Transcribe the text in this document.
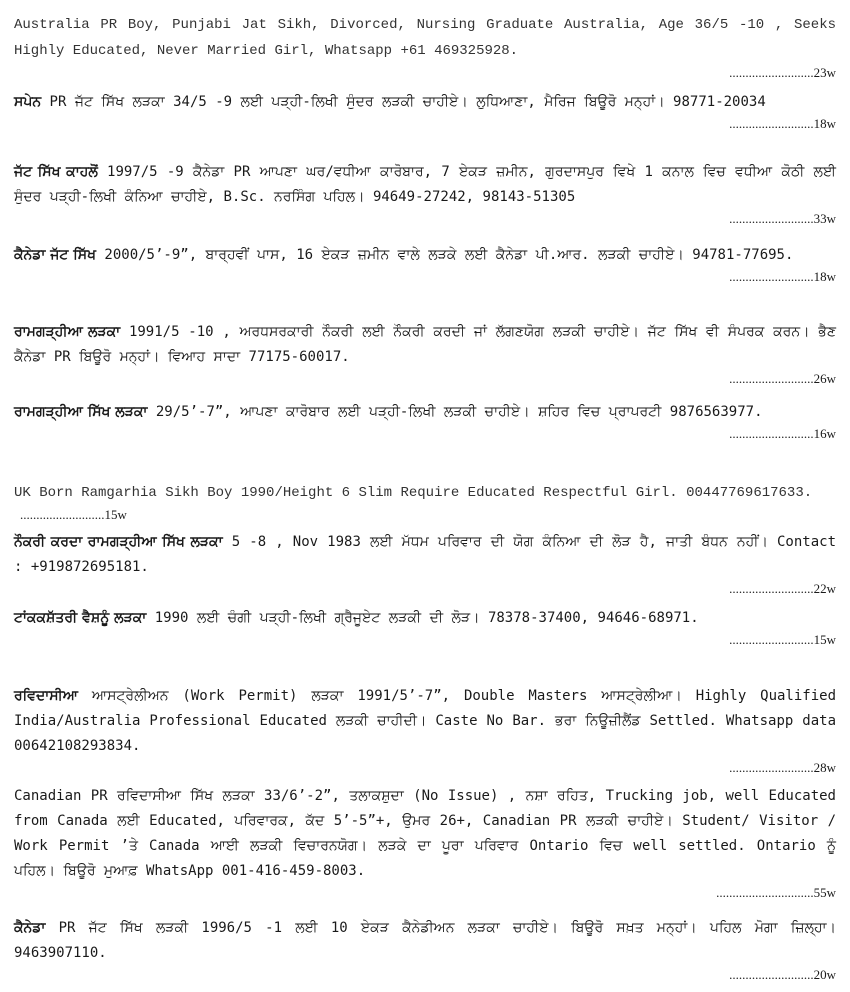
Australia PR Boy, Punjabi Jat Sikh, Divorced, Nursing Graduate Australia, Age 36/5 -10 , Seeks Highly Educated, Never Married Girl, Whatsapp +61 469325928.

..........................23w

ਸਪੇਨ PR ਜੱਟ ਸਿੱਖ ਲੜਕਾ 34/5 -9 ਲਈ ਪੜ੍ਹੀ-ਲਿਖੀ ਸੁੰਦਰ ਲੜਕੀ ਚਾਹੀਏ। ਲੁਧਿਆਣਾ, ਮੈਰਿਜ ਬਿਊਰੋ ਮਨ੍ਹਾਂ। 98771-20034

..........................18w

ਜੱਟ ਸਿੱਖ ਕਾਹਲੋਂ 1997/5 -9 ਕੈਨੇਡਾ PR ਆਪਣਾ ਘਰ/ਵਧੀਆ ਕਾਰੋਬਾਰ, 7 ਏਕੜ ਜ਼ਮੀਨ, ਗੁਰਦਾਸਪੁਰ ਵਿਖੇ 1 ਕਨਾਲ ਵਿਚ ਵਧੀਆ ਕੋਠੀ ਲਈ ਸੁੰਦਰ ਪੜ੍ਹੀ-ਲਿਖੀ ਕੰਨਿਆ ਚਾਹੀਏ, B.Sc. ਨਰਸਿੰਗ ਪਹਿਲ। 94649-27242, 98143-51305

..........................33w

ਕੈਨੇਡਾ ਜੱਟ ਸਿੱਖ 2000/5’-9”, ਬਾਰ੍ਹਵੀਂ ਪਾਸ, 16 ਏਕੜ ਜ਼ਮੀਨ ਵਾਲੇ ਲੜਕੇ ਲਈ ਕੈਨੇਡਾ ਪੀ.ਆਰ. ਲੜਕੀ ਚਾਹੀਏ। 94781-77695.

..........................18w

ਰਾਮਗੜ੍ਹੀਆ ਲੜਕਾ 1991/5 -10 , ਅਰਧਸਰਕਾਰੀ ਨੌਕਰੀ ਲਈ ਨੌਕਰੀ ਕਰਦੀ ਜਾਂ ਲੱਗਣਯੋਗ ਲੜਕੀ ਚਾਹੀਏ। ਜੱਟ ਸਿੱਖ ਵੀ ਸੰਪਰਕ ਕਰਨ। ਭੈਣ ਕੈਨੇਡਾ PR ਬਿਊਰੋ ਮਨ੍ਹਾਂ। ਵਿਆਹ ਸਾਦਾ 77175-60017.

..........................26w

ਰਾਮਗੜ੍ਹੀਆ ਸਿੱਖ ਲੜਕਾ 29/5’-7”, ਆਪਣਾ ਕਾਰੋਬਾਰ ਲਈ ਪੜ੍ਹੀ-ਲਿਖੀ ਲੜਕੀ ਚਾਹੀਏ। ਸ਼ਹਿਰ ਵਿਚ ਪ੍ਰਾਪਰਟੀ 9876563977.

..........................16w

UK Born Ramgarhia Sikh Boy 1990/Height 6 Slim Require Educated Respectful Girl. 00447769617633.

..........................15w

ਨੌਕਰੀ ਕਰਦਾ ਰਾਮਗੜ੍ਹੀਆ ਸਿੱਖ ਲੜਕਾ 5 -8 , Nov 1983 ਲਈ ਮੱਧਮ ਪਰਿਵਾਰ ਦੀ ਯੋਗ ਕੰਨਿਆ ਦੀ ਲੋੜ ਹੈ, ਜਾਤੀ ਬੰਧਨ ਨਹੀਂ। Contact : +919872695181.

..........................22w

ਟਾਂਕਕਸ਼ੱਤਰੀ ਵੈਸ਼ਨੂੰ ਲੜਕਾ 1990 ਲਈ ਚੰਗੀ ਪੜ੍ਹੀ-ਲਿਖੀ ਗ੍ਰੈਜੂਏਟ ਲੜਕੀ ਦੀ ਲੋੜ। 78378-37400, 94646-68971.

..........................15w

ਰਵਿਦਾਸੀਆ ਆਸਟ੍ਰੇਲੀਅਨ (Work Permit) ਲੜਕਾ 1991/5’-7”, Double Masters ਆਸਟ੍ਰੇਲੀਆ। Highly Qualified India/Australia Professional Educated ਲੜਕੀ ਚਾਹੀਦੀ। Caste No Bar. ਭਰਾ ਨਿਊਜ਼ੀਲੈਂਡ Settled. Whatsapp data 00642108293834.

..........................28w

Canadian PR ਰਵਿਦਾਸੀਆ ਸਿੱਖ ਲੜਕਾ 33/6’-2”, ਤਲਾਕਸ਼ੁਦਾ (No Issue) , ਨਸ਼ਾ ਰਹਿਤ, Trucking job, well Educated from Canada ਲਈ Educated, ਪਰਿਵਾਰਕ, ਕੱਦ 5’-5”+, ਉਮਰ 26+, Canadian PR ਲੜਕੀ ਚਾਹੀਏ। Student/ Visitor / Work Permit ’ਤੇ Canada ਆਈ ਲੜਕੀ ਵਿਚਾਰਨਯੋਗ। ਲੜਕੇ ਦਾ ਪੂਰਾ ਪਰਿਵਾਰ Ontario ਵਿਚ well settled. Ontario ਨੂੰ ਪਹਿਲ। ਬਿਊਰੋ ਮੁਆਫ਼ WhatsApp 001-416-459-8003.

..............................55w

ਕੈਨੇਡਾ PR ਜੱਟ ਸਿੱਖ ਲੜਕੀ 1996/5 -1 ਲਈ 10 ਏਕੜ ਕੈਨੇਡੀਅਨ ਲੜਕਾ ਚਾਹੀਏ। ਬਿਊਰੋ ਸਖ਼ਤ ਮਨ੍ਹਾਂ। ਪਹਿਲ ਮੋਗਾ ਜ਼ਿਲ੍ਹਾ। 9463907110.

..........................20w
